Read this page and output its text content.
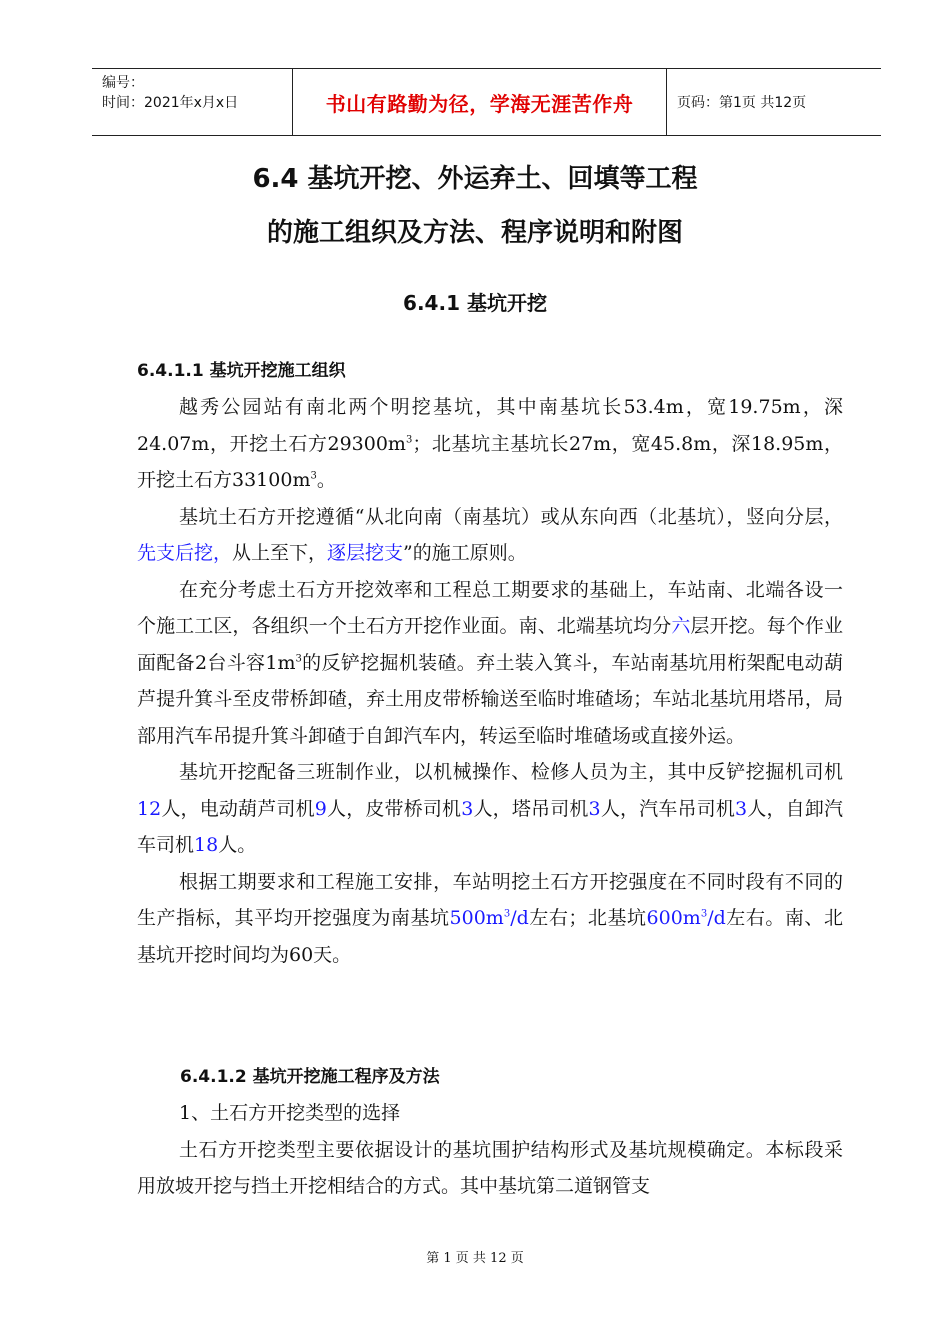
编号：
时间：2021年x月x日	书山有路勤为径，学海无涯苦作舟	页码：第1页 共12页
6.4 基坑开挖、外运弃土、回填等工程
的施工组织及方法、程序说明和附图
6.4.1 基坑开挖
6.4.1.1 基坑开挖施工组织

越秀公园站有南北两个明挖基坑，其中南基坑长53.4m，宽19.75m，深24.07m，开挖土石方$29300m^3$；北基坑主基坑长27m，宽45.8m，深18.95m，开挖土石方$33100m^3$。

基坑土石方开挖遵循“从北向南（南基坑）或从东向西（北基坑），竖向分层，先支后挖，从上至下，逐层挖支”的施工原则。

在充分考虑土石方开挖效率和工程总工期要求的基础上，车站南、北端各设一个施工工区，各组织一个土石方开挖作业面。南、北端基坑均分六层开挖。每个作业面配备2台斗容$1m^3$的反铲挖掘机装碴。弃土装入箕斗，车站南基坑用桁架配电动葫芦提升箕斗至皮带桥卸碴，弃土用皮带桥输送至临时堆碴场；车站北基坑用塔吊，局部用汽车吊提升箕斗卸碴于自卸汽车内，转运至临时堆碴场或直接外运。

基坑开挖配备三班制作业，以机械操作、检修人员为主，其中反铲挖掘机司机12人，电动葫芦司机9人，皮带桥司机3人，塔吊司机3人，汽车吊司机3人，自卸汽车司机18人。

根据工期要求和工程施工安排，车站明挖土石方开挖强度在不同时段有不同的生产指标，其平均开挖强度为南基坑$500m^3/d$左右；北基坑$600m^3/d$左右。南、北基坑开挖时间均为60天。

6.4.1.2 基坑开挖施工程序及方法

1、土石方开挖类型的选择

土石方开挖类型主要依据设计的基坑围护结构形式及基坑规模确定。本标段采用放坡开挖与挡土开挖相结合的方式。其中基坑第二道钢管支

第 1 页 共 12 页
